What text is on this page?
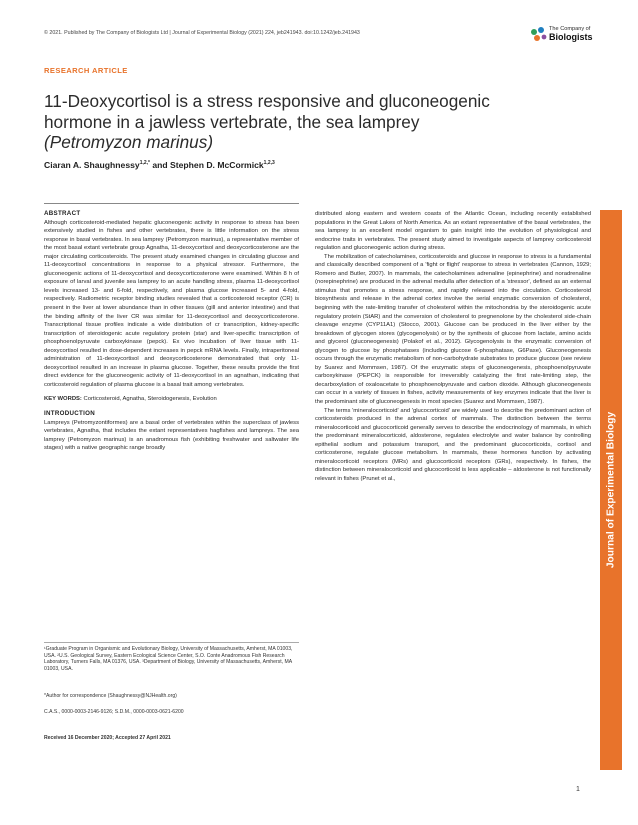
© 2021. Published by The Company of Biologists Ltd | Journal of Experimental Biology (2021) 224, jeb241943. doi:10.1242/jeb.241943
The Company of
Biologists
RESEARCH ARTICLE
11-Deoxycortisol is a stress responsive and gluconeogenic
hormone in a jawless vertebrate, the sea lamprey
(Petromyzon marinus)
Ciaran A. Shaughnessy$^{1,2,*}$ and Stephen D. McCormick$^{1,2,3}$

ABSTRACT

Although corticosteroid-mediated hepatic gluconeogenic activity in response to stress has been extensively studied in fishes and other vertebrates, there is little information on the stress response in basal vertebrates. In sea lamprey (Petromyzon marinus), a representative member of the most basal extant vertebrate group Agnatha, 11-deoxycortisol and deoxycorticosterone are the major circulating corticosteroids. The present study examined changes in circulating glucose and 11-deoxycortisol concentrations in response to a physical stressor. Furthermore, the gluconeogenic actions of 11-deoxycortisol and deoxycorticosterone were examined. Within 8 h of exposure of larval and juvenile sea lamprey to an acute handling stress, plasma 11-deoxycortisol levels increased 13- and 6-fold, respectively, and plasma glucose increased 5- and 4-fold, respectively. Radiometric receptor binding studies revealed that a corticosteroid receptor (CR) is present in the liver at lower abundance than in other tissues (gill and anterior intestine) and that the binding affinity of the liver CR was similar for 11-deoxycortisol and deoxycorticosterone. Transcriptional tissue profiles indicate a wide distribution of cr transcription, kidney-specific transcription of steroidogenic acute regulatory protein (star) and liver-specific transcription of phosphoenolpyruvate carboxykinase (pepck). Ex vivo incubation of liver tissue with 11-deoxycortisol resulted in dose-dependent increases in pepck mRNA levels. Finally, intraperitoneal administration of 11-deoxycortisol and deoxycorticosterone demonstrated that only 11-deoxycortisol resulted in an increase in plasma glucose. Together, these results provide the first direct evidence for the gluconeogenic activity of 11-deoxycortisol in an agnathan, indicating that corticosteroid regulation of plasma glucose is a basal trait among vertebrates.

KEY WORDS: Corticosteroid, Agnatha, Steroidogenesis, Evolution

INTRODUCTION

Lampreys (Petromyzontiformes) are a basal order of vertebrates within the superclass of jawless vertebrates, Agnatha, that includes the extant representatives hagfishes and lampreys. The sea lamprey (Petromyzon marinus) is an anadromous fish (exhibiting freshwater and saltwater life stages) with a native geographic range broadly

¹Graduate Program in Organismic and Evolutionary Biology, University of Massachusetts, Amherst, MA 01003, USA. ²U.S. Geological Survey, Eastern Ecological Science Center, S.O. Conte Anadromous Fish Research Laboratory, Turners Falls, MA 01376, USA. ³Department of Biology, University of Massachusetts, Amherst, MA 01003, USA.
*Author for correspondence (Shaughnessy@NJHealth.org)
C.A.S., 0000-0003-2146-9126; S.D.M., 0000-0003-0621-6200
Received 16 December 2020; Accepted 27 April 2021

distributed along eastern and western coasts of the Atlantic Ocean, including recently established populations in the Great Lakes of North America. As an extant representative of the basal vertebrates, the sea lamprey is an excellent model organism to gain insight into the evolution of physiological and endocrine traits in vertebrates. The present study aimed to investigate aspects of lamprey corticosteroid regulation and gluconeogenic action during stress.

The mobilization of catecholamines, corticosteroids and glucose in response to stress is a fundamental and classically described component of a 'fight or flight' response to stress in vertebrates (Cannon, 1929; Romero and Butler, 2007). In mammals, the catecholamines adrenaline (epinephrine) and noradrenaline (norepinephrine) are produced in the adrenal medulla after detection of a 'stressor', defined as an external stimulus that promotes a stress response, and rapidly released into the circulation. Corticosteroid biosynthesis and release in the adrenal cortex involve the serial enzymatic conversion of cholesterol, beginning with the rate-limiting transfer of cholesterol within the mitochondria by the steroidogenic acute regulatory protein (StAR) and the conversion of cholesterol to pregnenolone by the cholesterol side-chain cleavage enzyme (CYP11A1) (Stocco, 2001). Glucose can be produced in the liver either by the breakdown of glycogen stores (glycogenolysis) or by the synthesis of glucose from lactate, amino acids and glycerol (gluconeogenesis) (Polakof et al., 2012). Glycogenolysis is the enzymatic conversion of glycogen to glucose by phosphatases (including glucose 6-phosphatase, G6Pase). Gluconeogenesis occurs through the enzymatic metabolism of non-carbohydrate substrates to produce glucose (see review by Suarez and Mommsen, 1987). Of the enzymatic steps of gluconeogenesis, phosphoenolpyruvate carboxykinase (PEPCK) is responsible for irreversibly catalyzing the first rate-limiting step, the decarboxylation of oxaloacetate to phosphoenolpyruvate and carbon dioxide. Although gluconeogenesis can occur in a variety of tissues in fishes, activity measurements of key enzymes indicate that the liver is the predominant site of gluconeogenesis in most species (Suarez and Mommsen, 1987).

The terms 'mineralocorticoid' and 'glucocorticoid' are widely used to describe the predominant action of corticosteroids produced in the adrenal cortex of mammals. The distinction between the terms mineralocorticoid and glucocorticoid generally serves to describe the endocrinology of mammals, in which the predominant mineralocorticoid, aldosterone, regulates electrolyte and water balance by controlling epithelial sodium and potassium transport, and the predominant glucocorticoids, cortisol and corticosterone, regulate glucose metabolism. In mammals, these hormones function by activating mineralocorticoid receptors (MRs) and glucocorticoid receptors (GRs), respectively. In fishes, the distinction between mineralocorticoid and glucocorticoid is less applicable – aldosterone is not functionally relevant in fishes (Prunet et al.,	Journal of Experimental Biology
1
